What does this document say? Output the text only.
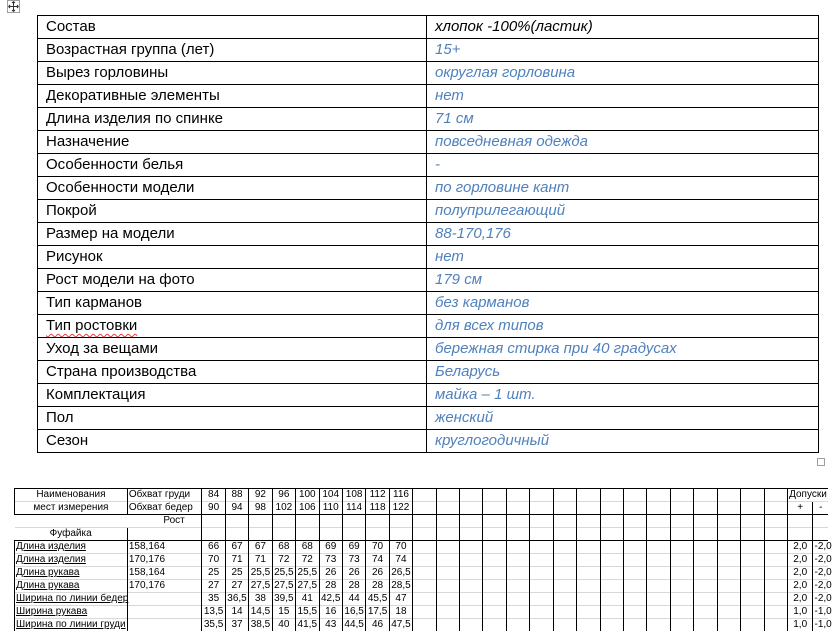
Состав	хлопок -100%(ластик)
Возрастная группа (лет)	15+
Вырез горловины	округлая горловина
Декоративные элементы	нет
Длина изделия по спинке	71 см
Назначение	повседневная одежда
Особенности белья	-
Особенности модели	по горловине кант
Покрой	полуприлегающий
Размер на модели	88-170,176
Рисунок	нет
Рост модели на фото	179 см
Тип карманов	без карманов
Тип ростовки	для всех типов
Уход за вещами	бережная стирка при 40 градусах
Страна производства	Беларусь
Комплектация	майка – 1 шт.
Пол	женский
Сезон	круглогодичный
Наименования	Обхват груди	84	88	92	96	100	104	108	112	116																	Допуски	
мест измерения	Обхват бедер	90	94	98	102	106	110	114	118	122																	+	-
	Рост																											
Фуфайка																												
Длина изделия	158,164	66	67	67	68	68	69	69	70	70																	2,0	-2,0
Длина изделия	170,176	70	71	71	72	72	73	73	74	74																	2,0	-2,0
Длина рукава	158,164	25	25	25,5	25,5	25,5	26	26	26	26,5																	2,0	-2,0
Длина рукава	170,176	27	27	27,5	27,5	27,5	28	28	28	28,5																	2,0	-2,0
Ширина по линии бедер		35	36,5	38	39,5	41	42,5	44	45,5	47																	2,0	-2,0
Ширина рукава		13,5	14	14,5	15	15,5	16	16,5	17,5	18																	1,0	-1,0
Ширина по линии груди		35,5	37	38,5	40	41,5	43	44,5	46	47,5																	1,0	-1,0
